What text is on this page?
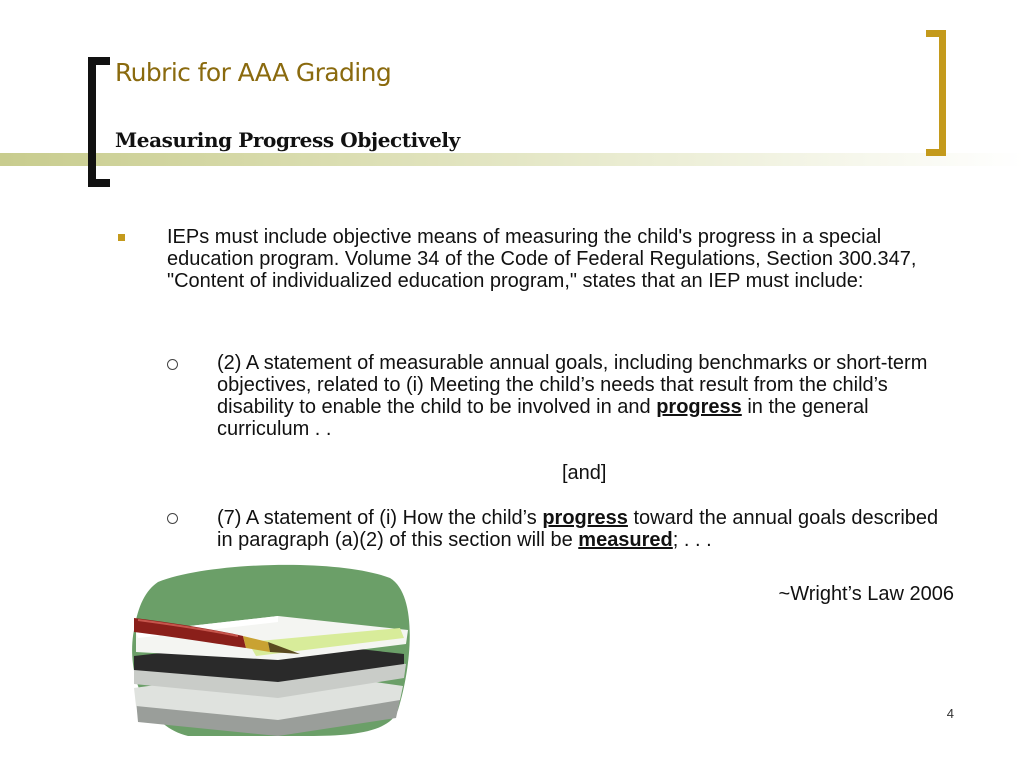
Rubric for AAA Grading
Measuring Progress Objectively
IEPs must include objective means of measuring the child's progress in a special education program. Volume 34 of the Code of Federal Regulations, Section 300.347, "Content of individualized education program," states that an IEP must include:
(2) A statement of measurable annual goals, including benchmarks or short-term objectives, related to (i) Meeting the child’s needs that result from the child’s disability to enable the child to be involved in and progress in the general curriculum . .
[and]
(7) A statement of (i) How the child’s progress toward the annual goals described in paragraph (a)(2) of this section will be measured; . . .
~Wright’s Law 2006
4
